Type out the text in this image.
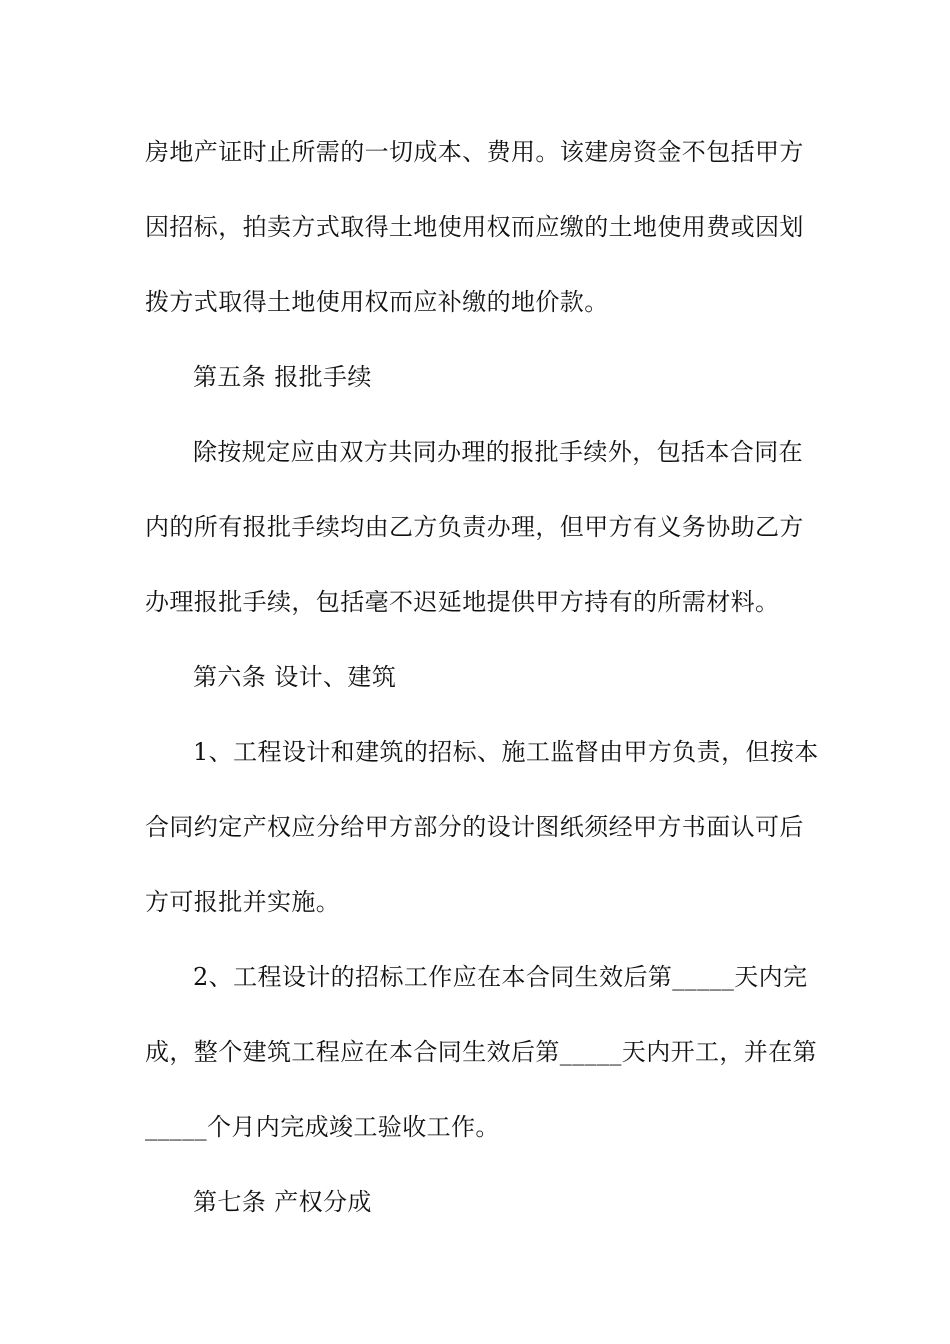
房地产证时止所需的一切成本、费用。该建房资金不包括甲方
因招标，拍卖方式取得土地使用权而应缴的土地使用费或因划
拨方式取得土地使用权而应补缴的地价款。
第五条 报批手续
除按规定应由双方共同办理的报批手续外，包括本合同在
内的所有报批手续均由乙方负责办理，但甲方有义务协助乙方
办理报批手续，包括毫不迟延地提供甲方持有的所需材料。
第六条 设计、建筑
1、工程设计和建筑的招标、施工监督由甲方负责，但按本
合同约定产权应分给甲方部分的设计图纸须经甲方书面认可后
方可报批并实施。
2、工程设计的招标工作应在本合同生效后第_____天内完
成，整个建筑工程应在本合同生效后第_____天内开工，并在第
_____个月内完成竣工验收工作。
第七条 产权分成
